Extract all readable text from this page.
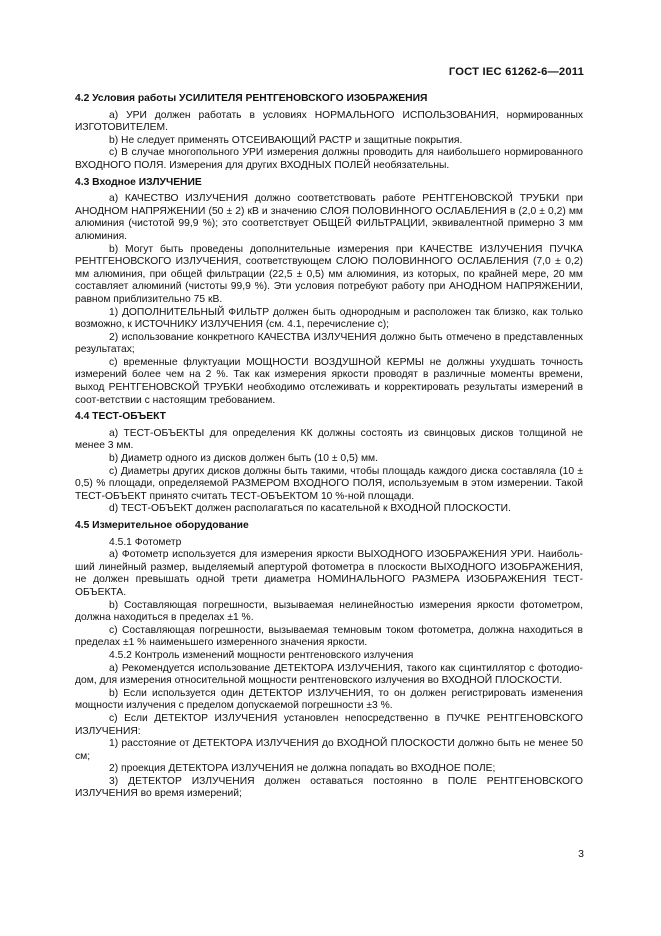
ГОСТ IEC 61262-6—2011

4.2 Условия работы УСИЛИТЕЛЯ РЕНТГЕНОВСКОГО ИЗОБРАЖЕНИЯ

a) УРИ должен работать в условиях НОРМАЛЬНОГО ИСПОЛЬЗОВАНИЯ, нормированных ИЗГОТОВИТЕЛЕМ.

b) Не следует применять ОТСЕИВАЮЩИЙ РАСТР и защитные покрытия.

c) В случае многопольного УРИ измерения должны проводить для наибольшего нормированного ВХОДНОГО ПОЛЯ. Измерения для других ВХОДНЫХ ПОЛЕЙ необязательны.

4.3 Входное ИЗЛУЧЕНИЕ

a) КАЧЕСТВО ИЗЛУЧЕНИЯ должно соответствовать работе РЕНТГЕНОВСКОЙ ТРУБКИ при АНОДНОМ НАПРЯЖЕНИИ (50 ± 2) кВ и значению СЛОЯ ПОЛОВИННОГО ОСЛАБЛЕНИЯ в (2,0 ± 0,2) мм алюминия (чистотой 99,9 %); это соответствует ОБЩЕЙ ФИЛЬТРАЦИИ, эквивалентной примерно 3 мм алюминия.

b) Могут быть проведены дополнительные измерения при КАЧЕСТВЕ ИЗЛУЧЕНИЯ ПУЧКА РЕНТГЕНОВСКОГО ИЗЛУЧЕНИЯ, соответствующем СЛОЮ ПОЛОВИННОГО ОСЛАБЛЕНИЯ (7,0 ± 0,2) мм алюминия, при общей фильтрации (22,5 ± 0,5) мм алюминия, из которых, по крайней мере, 20 мм составляет алюминий (чистоты 99,9 %). Эти условия потребуют работу при АНОДНОМ НАПРЯЖЕНИИ, равном приблизительно 75 кВ.

1) ДОПОЛНИТЕЛЬНЫЙ ФИЛЬТР должен быть однородным и расположен так близко, как только возможно, к ИСТОЧНИКУ ИЗЛУЧЕНИЯ (см. 4.1, перечисление с);

2) использование конкретного КАЧЕСТВА ИЗЛУЧЕНИЯ должно быть отмечено в представленных результатах;

c) временные флуктуации МОЩНОСТИ ВОЗДУШНОЙ КЕРМЫ не должны ухудшать точность измерений более чем на 2 %. Так как измерения яркости проводят в различные моменты времени, выход РЕНТГЕНОВСКОЙ ТРУБКИ необходимо отслеживать и корректировать результаты измерений в соот-ветствии с настоящим требованием.

4.4 ТЕСТ-ОБЪЕКТ

a) ТЕСТ-ОБЪЕКТЫ для определения КК должны состоять из свинцовых дисков толщиной не менее 3 мм.

b) Диаметр одного из дисков должен быть (10 ± 0,5) мм.

c) Диаметры других дисков должны быть такими, чтобы площадь каждого диска составляла (10 ± 0,5) % площади, определяемой РАЗМЕРОМ ВХОДНОГО ПОЛЯ, используемым в этом измерении. Такой ТЕСТ-ОБЪЕКТ принято считать ТЕСТ-ОБЪЕКТОМ 10 %-ной площади.

d) ТЕСТ-ОБЪЕКТ должен располагаться по касательной к ВХОДНОЙ ПЛОСКОСТИ.

4.5 Измерительное оборудование

4.5.1 Фотометр

a) Фотометр используется для измерения яркости ВЫХОДНОГО ИЗОБРАЖЕНИЯ УРИ. Наиболь-ший линейный размер, выделяемый апертурой фотометра в плоскости ВЫХОДНОГО ИЗОБРАЖЕНИЯ, не должен превышать одной трети диаметра НОМИНАЛЬНОГО РАЗМЕРА ИЗОБРАЖЕНИЯ ТЕСТ-ОБЪЕКТА.

b) Составляющая погрешности, вызываемая нелинейностью измерения яркости фотометром, должна находиться в пределах ±1 %.

c) Составляющая погрешности, вызываемая темновым током фотометра, должна находиться в пределах ±1 % наименьшего измеренного значения яркости.

4.5.2 Контроль изменений мощности рентгеновского излучения

a) Рекомендуется использование ДЕТЕКТОРА ИЗЛУЧЕНИЯ, такого как сцинтиллятор с фотодио-дом, для измерения относительной мощности рентгеновского излучения во ВХОДНОЙ ПЛОСКОСТИ.

b) Если используется один ДЕТЕКТОР ИЗЛУЧЕНИЯ, то он должен регистрировать изменения мощности излучения с пределом допускаемой погрешности ±3 %.

c) Если ДЕТЕКТОР ИЗЛУЧЕНИЯ установлен непосредственно в ПУЧКЕ РЕНТГЕНОВСКОГО ИЗЛУЧЕНИЯ:

1) расстояние от ДЕТЕКТОРА ИЗЛУЧЕНИЯ до ВХОДНОЙ ПЛОСКОСТИ должно быть не менее 50 см;

2) проекция ДЕТЕКТОРА ИЗЛУЧЕНИЯ не должна попадать во ВХОДНОЕ ПОЛЕ;

3) ДЕТЕКТОР ИЗЛУЧЕНИЯ должен оставаться постоянно в ПОЛЕ РЕНТГЕНОВСКОГО ИЗЛУЧЕНИЯ во время измерений;

3
